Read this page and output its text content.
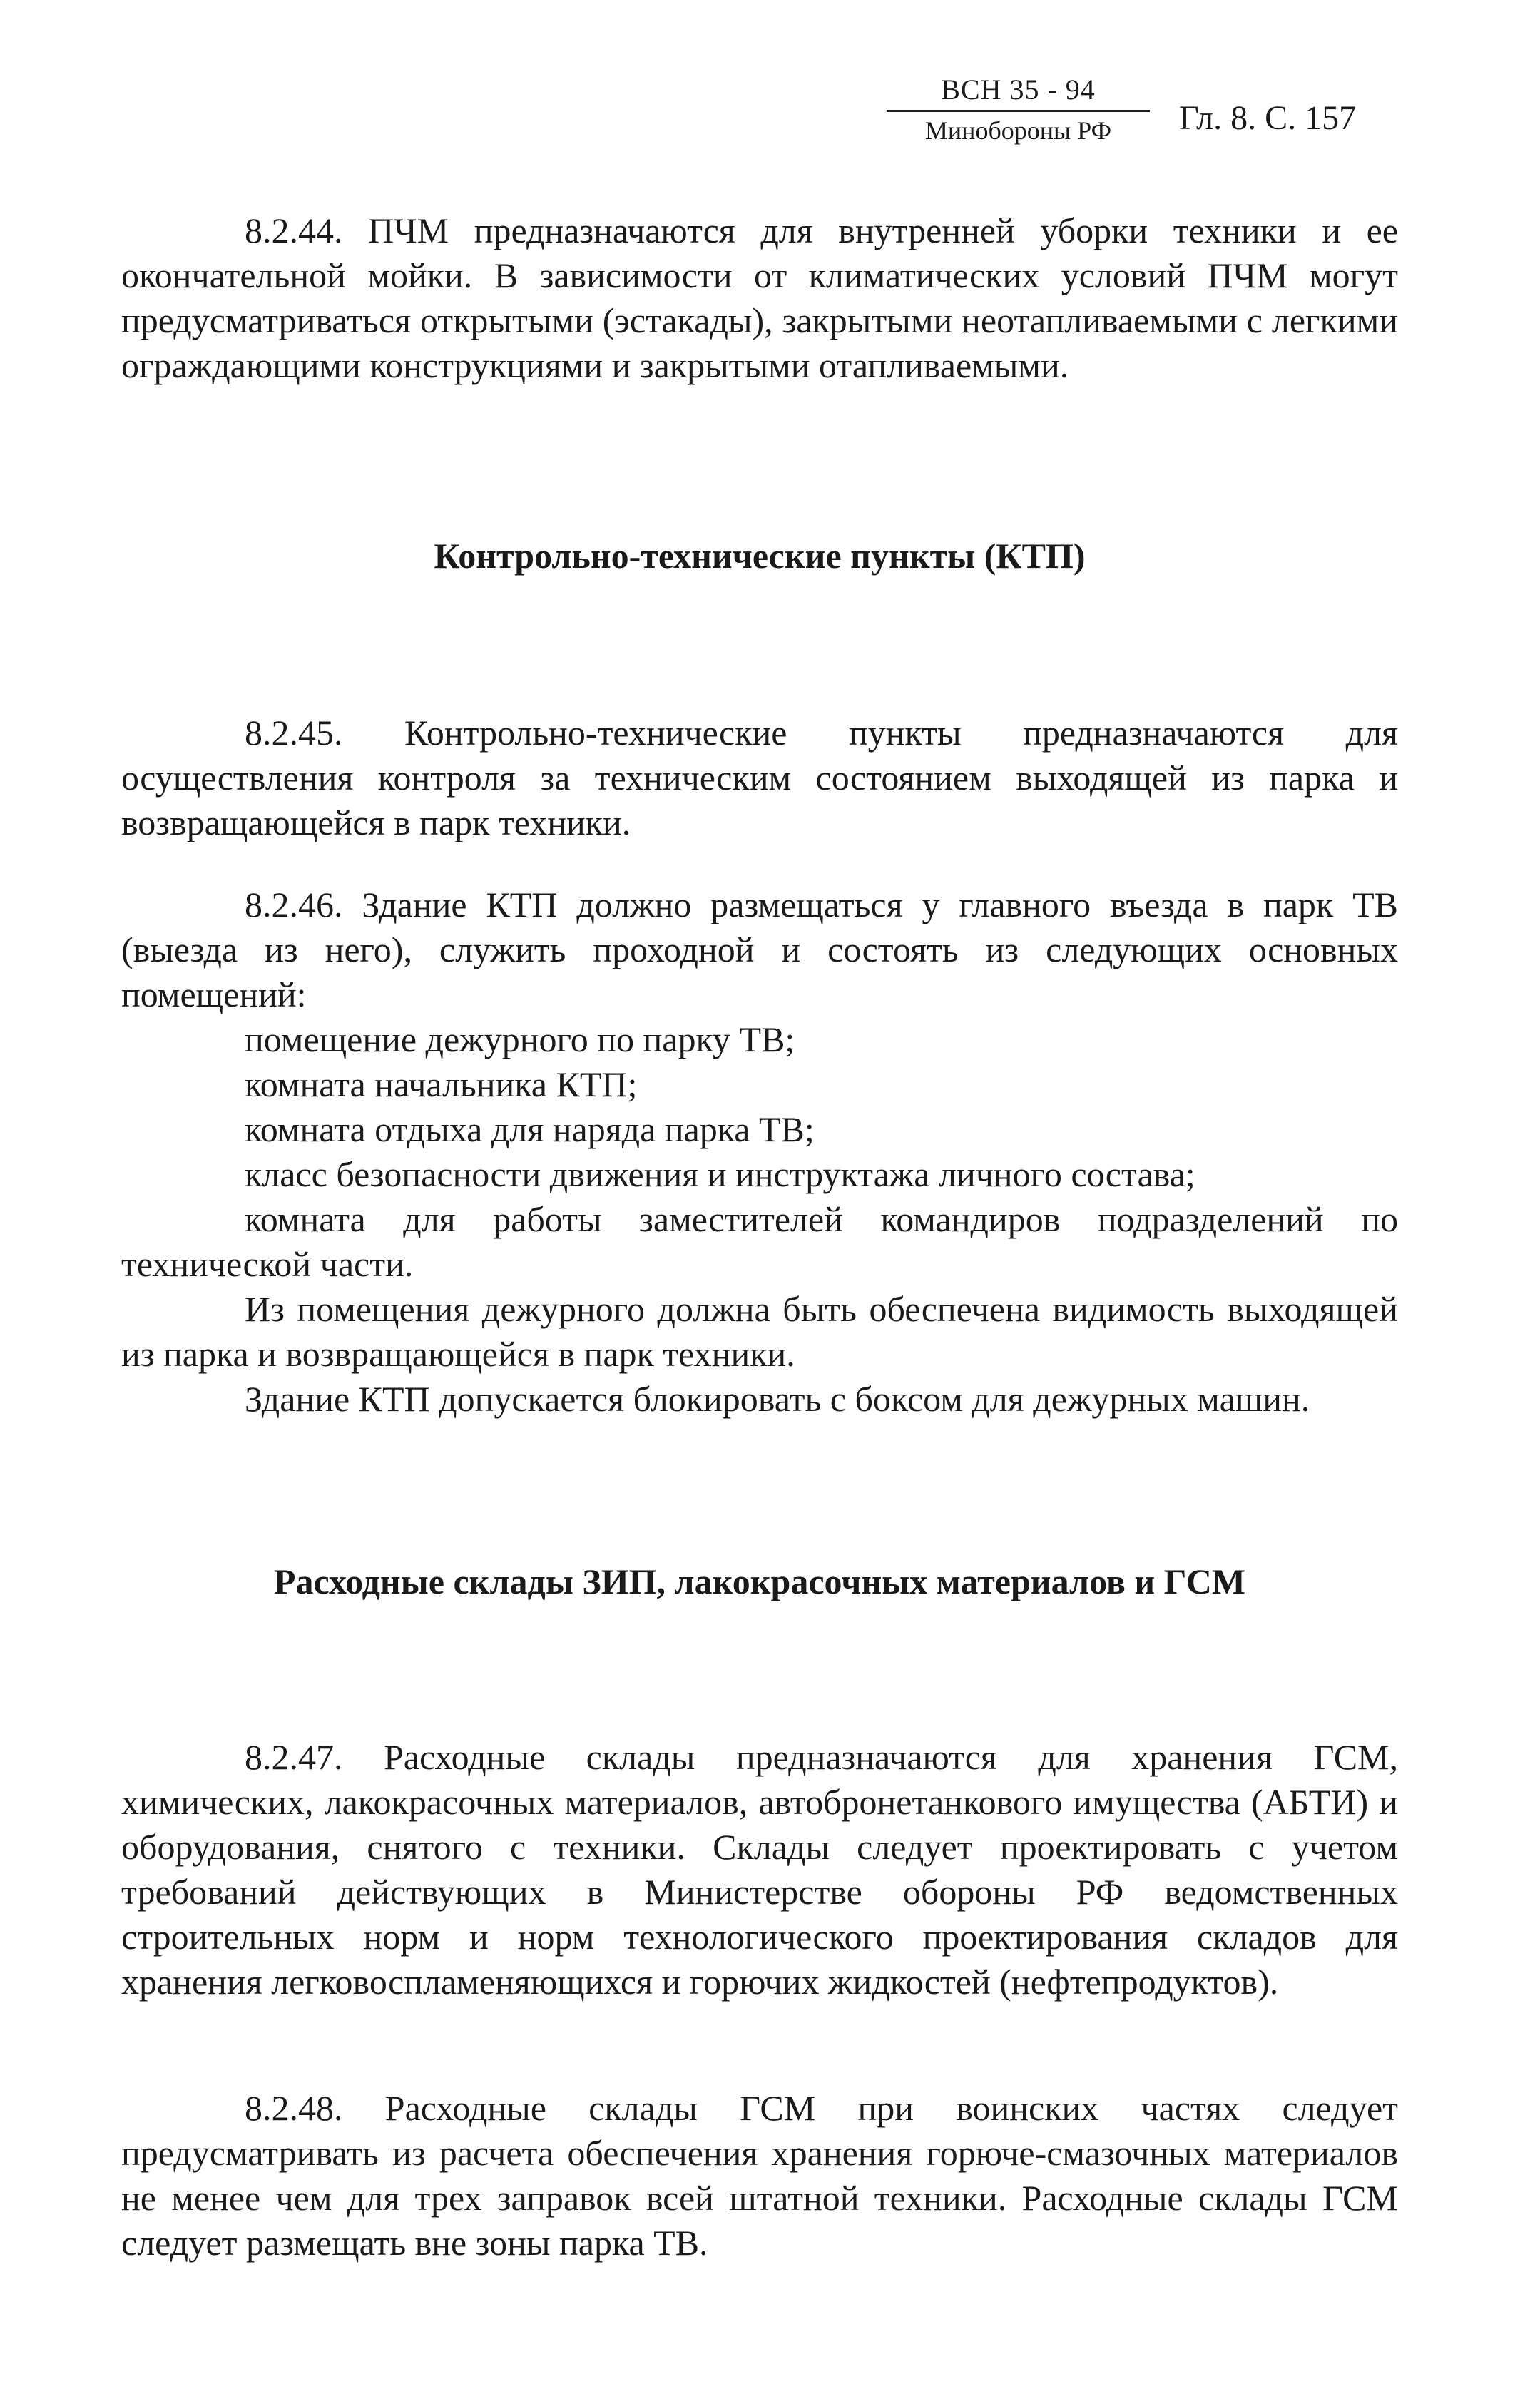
ВСН 35 - 94
Минобороны РФ	Гл. 8. С. 157

8.2.44. ПЧМ предназначаются для внутренней уборки техники и ее окончательной мойки. В зависимости от климатических условий ПЧМ могут предусматриваться открытыми (эстакады), закрытыми неотапливаемыми с легкими ограждающими конструкциями и закрытыми отапливаемыми.

Контрольно-технические пункты (КТП)

8.2.45. Контрольно-технические пункты предназначаются для осуществления контроля за техническим состоянием выходящей из парка и возвращающейся в парк техники.

8.2.46. Здание КТП должно размещаться у главного въезда в парк ТВ (выезда из него), служить проходной и состоять из следующих основных помещений:

помещение дежурного по парку ТВ;

комната начальника КТП;

комната отдыха для наряда парка ТВ;

класс безопасности движения и инструктажа личного состава;

комната для работы заместителей командиров подразделений по технической части.

Из помещения дежурного должна быть обеспечена видимость выходящей из парка и возвращающейся в парк техники.

Здание КТП допускается блокировать с боксом для дежурных машин.

Расходные склады ЗИП, лакокрасочных материалов и ГСМ

8.2.47. Расходные склады предназначаются для хранения ГСМ, химических, лакокрасочных материалов, автобронетанкового имущества (АБТИ) и оборудования, снятого с техники. Склады следует проектировать с учетом требований действующих в Министерстве обороны РФ ведомственных строительных норм и норм технологического проектирования складов для хранения легковоспламеняющихся и горючих жидкостей (нефтепродуктов).

8.2.48. Расходные склады ГСМ при воинских частях следует предусматривать из расчета обеспечения хранения горюче-смазочных материалов не менее чем для трех заправок всей штатной техники. Расходные склады ГСМ следует размещать вне зоны парка ТВ.
